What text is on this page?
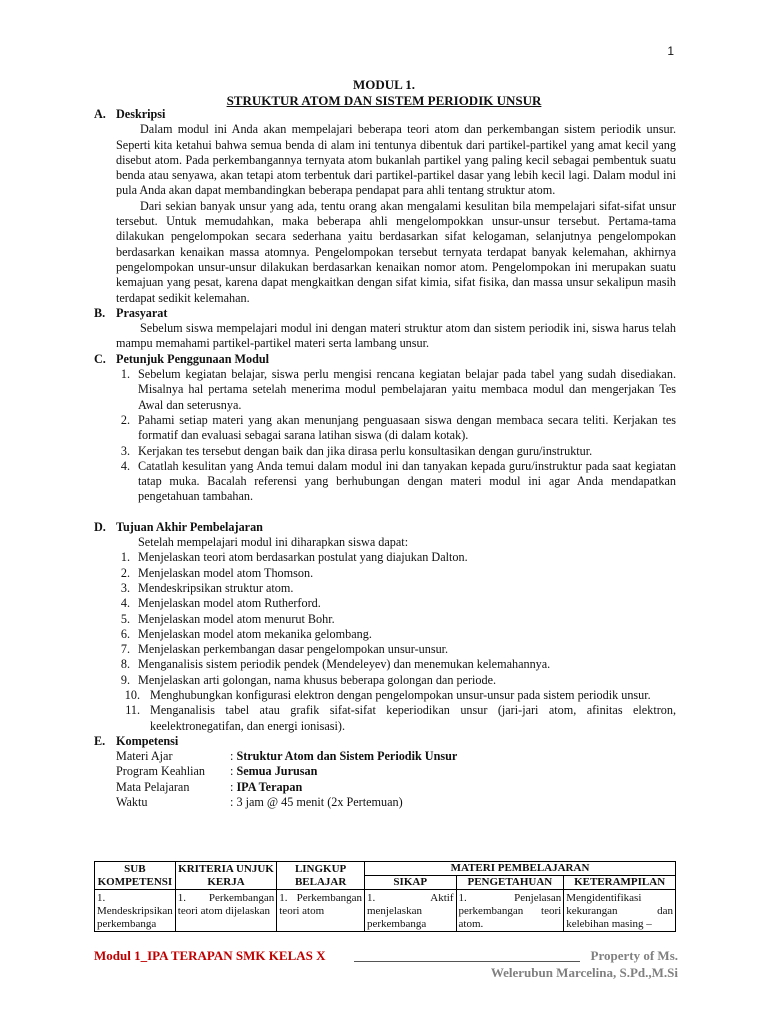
1
MODUL 1.
STRUKTUR ATOM DAN SISTEM PERIODIK UNSUR
A. Deskripsi

Dalam modul ini Anda akan mempelajari beberapa teori atom dan perkembangan sistem periodik unsur. Seperti kita ketahui bahwa semua benda di alam ini tentunya dibentuk dari partikel-partikel yang amat kecil yang disebut atom. Pada perkembangannya ternyata atom bukanlah partikel yang paling kecil sebagai pembentuk suatu benda atau senyawa, akan tetapi atom terbentuk dari partikel-partikel dasar yang lebih kecil lagi. Dalam modul ini pula Anda akan dapat membandingkan beberapa pendapat para ahli tentang struktur atom.

Dari sekian banyak unsur yang ada, tentu orang akan mengalami kesulitan bila mempelajari sifat-sifat unsur tersebut. Untuk memudahkan, maka beberapa ahli mengelompokkan unsur-unsur tersebut. Pertama-tama dilakukan pengelompokan secara sederhana yaitu berdasarkan sifat kelogaman, selanjutnya pengelompokan berdasarkan kenaikan massa atomnya. Pengelompokan tersebut ternyata terdapat banyak kelemahan, akhirnya pengelompokan unsur-unsur dilakukan berdasarkan kenaikan nomor atom. Pengelompokan ini merupakan suatu kemajuan yang pesat, karena dapat mengkaitkan dengan sifat kimia, sifat fisika, dan massa unsur sekalipun masih terdapat sedikit kelemahan.

B. Prasyarat

Sebelum siswa mempelajari modul ini dengan materi struktur atom dan sistem periodik ini, siswa harus telah mampu memahami partikel-partikel materi serta lambang unsur.

C. Petunjuk Penggunaan Modul
1. Sebelum kegiatan belajar, siswa perlu mengisi rencana kegiatan belajar pada tabel yang sudah disediakan. Misalnya hal pertama setelah menerima modul pembelajaran yaitu membaca modul dan mengerjakan Tes Awal dan seterusnya.
2. Pahami setiap materi yang akan menunjang penguasaan siswa dengan membaca secara teliti. Kerjakan tes formatif dan evaluasi sebagai sarana latihan siswa (di dalam kotak).
3. Kerjakan tes tersebut dengan baik dan jika dirasa perlu konsultasikan dengan guru/instruktur.
4. Catatlah kesulitan yang Anda temui dalam modul ini dan tanyakan kepada guru/instruktur pada saat kegiatan tatap muka. Bacalah referensi yang berhubungan dengan materi modul ini agar Anda mendapatkan pengetahuan tambahan.
D. Tujuan Akhir Pembelajaran
Setelah mempelajari modul ini diharapkan siswa dapat:
1. Menjelaskan teori atom berdasarkan postulat yang diajukan Dalton.
2. Menjelaskan model atom Thomson.
3. Mendeskripsikan struktur atom.
4. Menjelaskan model atom Rutherford.
5. Menjelaskan model atom menurut Bohr.
6. Menjelaskan model atom mekanika gelombang.
7. Menjelaskan perkembangan dasar pengelompokan unsur-unsur.
8. Menganalisis sistem periodik pendek (Mendeleyev) dan menemukan kelemahannya.
9. Menjelaskan arti golongan, nama khusus beberapa golongan dan periode.
10. Menghubungkan konfigurasi elektron dengan pengelompokan unsur-unsur pada sistem periodik unsur.
11. Menganalisis tabel atau grafik sifat-sifat keperiodikan unsur (jari-jari atom, afinitas elektron, keelektronegatifan, dan energi ionisasi).
E. Kompetensi
Materi Ajar	:
Struktur Atom dan Sistem Periodik Unsur
Program Keahlian	:
Semua Jurusan
Mata Pelajaran	:
IPA Terapan
Waktu	:
3 jam @ 45 menit (2x Pertemuan)
SUB KOMPETENSI	KRITERIA UNJUK KERJA	LINGKUP BELAJAR	MATERI PEMBELAJARAN		
			SIKAP	PENGETAHUAN	KETERAMPILAN
1. Mendeskripsikan perkembanga	1. Perkembangan teori atom dijelaskan	1. Perkembangan teori atom	1. Aktif menjelaskan perkembanga	1. Penjelasan perkembangan teori atom.	Mengidentifikasi kekurangan dan kelebihan masing –
Modul 1_IPA TERAPAN SMK KELAS X	Property of Ms.
Welerubun Marcelina, S.Pd.,M.Si
